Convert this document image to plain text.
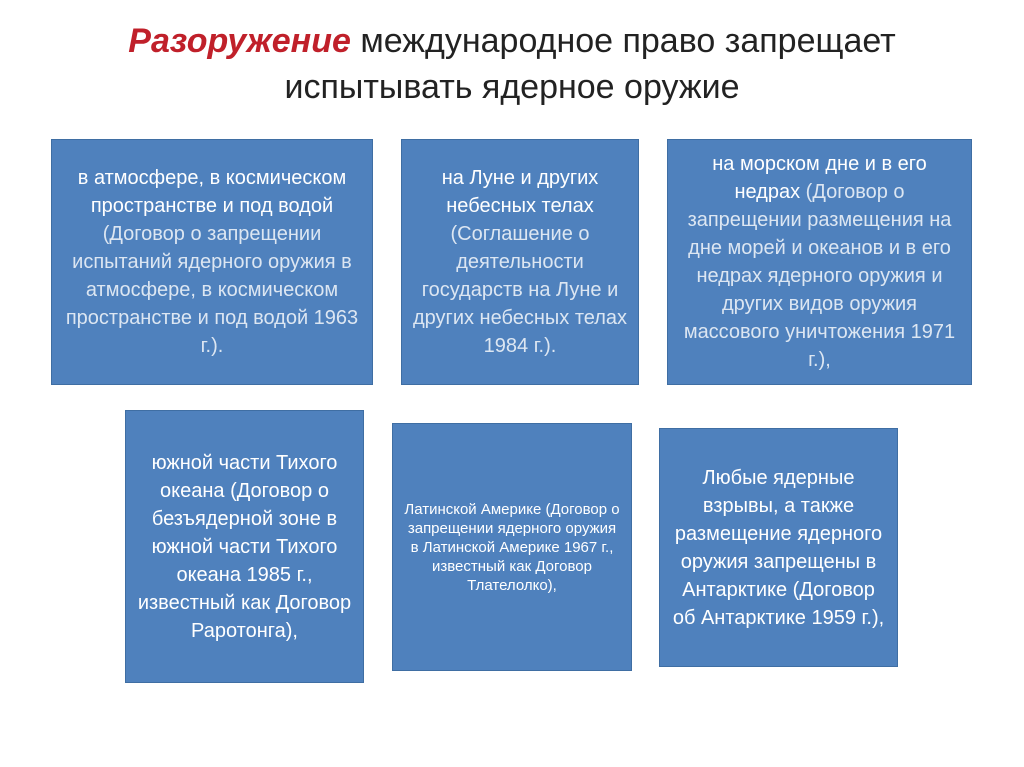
Разоружение международное право запрещает испытывать ядерное оружие
в атмосфере, в космическом пространстве и под водой (Договор о запрещении испытаний ядерного оружия в атмосфере, в космическом пространстве и под водой 1963 г.).
на Луне и других небесных телах (Соглашение о деятельности государств на Луне и других небесных телах 1984 г.).
на морском дне и в его недрах (Договор о запрещении размещения на дне морей и океанов и в его недрах ядерного оружия и других видов оружия массового уничтожения 1971 г.),
южной части Тихого океана (Договор о безъядерной зоне в южной части Тихого океана 1985 г., известный как Договор Раротонга),
Латинской Америке (Договор о запрещении ядерного оружия в Латинской Америке 1967 г., известный как Договор Тлателолко),
Любые ядерные взрывы, а также размещение ядерного оружия запрещены в Антарктике (Договор об Антарктике 1959 г.),
